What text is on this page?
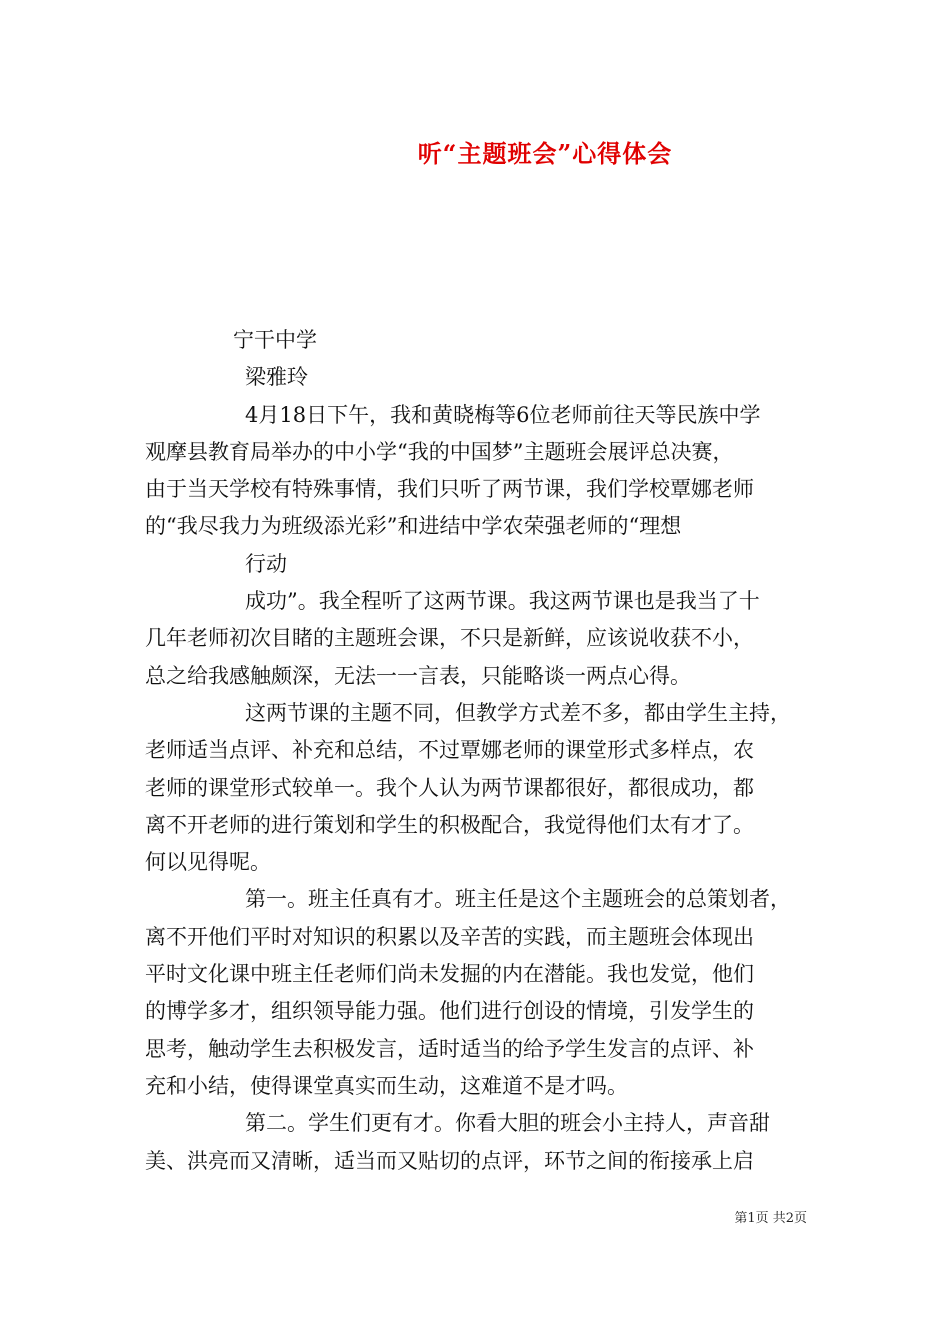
听“主题班会”心得体会
宁干中学
梁雅玲
4月18日下午，我和黄晓梅等6位老师前往天等民族中学
观摩县教育局举办的中小学“我的中国梦”主题班会展评总决赛，
由于当天学校有特殊事情，我们只听了两节课，我们学校覃娜老师
的“我尽我力为班级添光彩”和进结中学农荣强老师的“理想
行动
成功”。我全程听了这两节课。我这两节课也是我当了十
几年老师初次目睹的主题班会课，不只是新鲜，应该说收获不小，
总之给我感触颇深，无法一一言表，只能略谈一两点心得。
这两节课的主题不同，但教学方式差不多，都由学生主持，
老师适当点评、补充和总结，不过覃娜老师的课堂形式多样点，农
老师的课堂形式较单一。我个人认为两节课都很好，都很成功，都
离不开老师的进行策划和学生的积极配合，我觉得他们太有才了。
何以见得呢。
第一。班主任真有才。班主任是这个主题班会的总策划者，
离不开他们平时对知识的积累以及辛苦的实践，而主题班会体现出
平时文化课中班主任老师们尚未发掘的内在潜能。我也发觉，他们
的博学多才，组织领导能力强。他们进行创设的情境，引发学生的
思考，触动学生去积极发言，适时适当的给予学生发言的点评、补
充和小结，使得课堂真实而生动，这难道不是才吗。
第二。学生们更有才。你看大胆的班会小主持人，声音甜
美、洪亮而又清晰，适当而又贴切的点评，环节之间的衔接承上启
第1页 共2页
